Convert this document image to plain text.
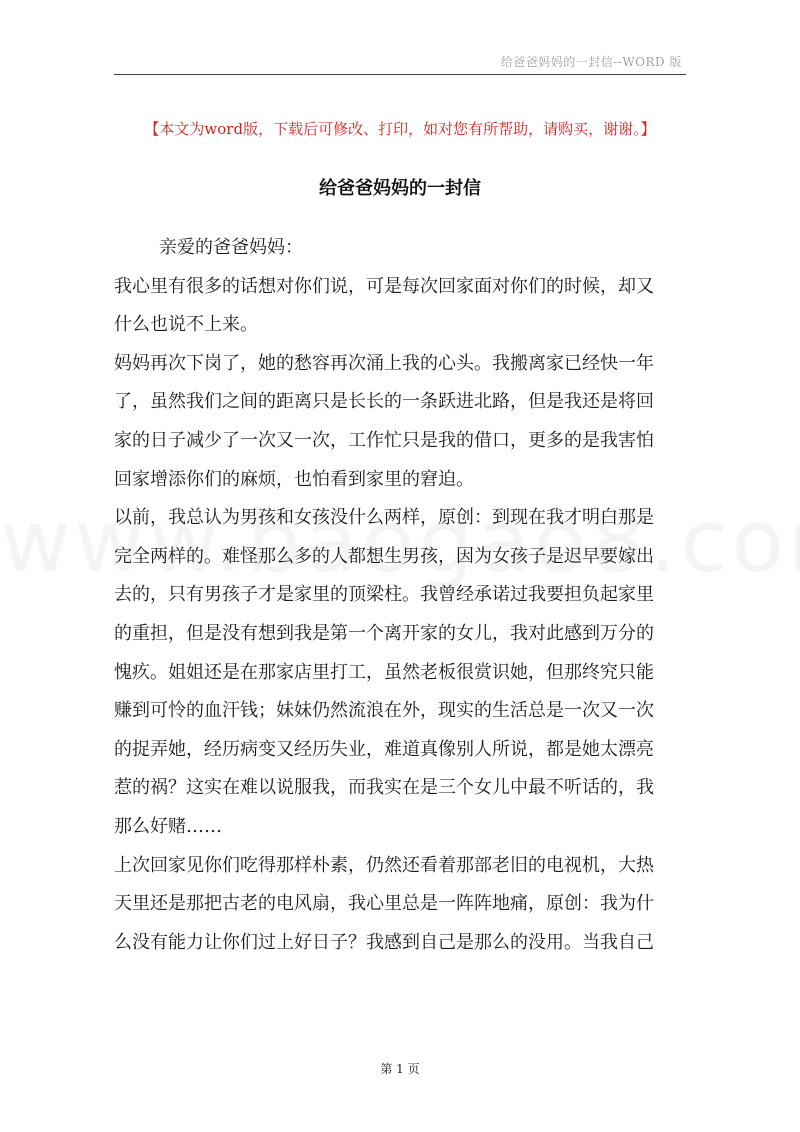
给爸爸妈妈的一封信--WORD 版
【本文为word版，下载后可修改、打印，如对您有所帮助，请购买，谢谢。】
给爸爸妈妈的一封信
亲爱的爸爸妈妈：
我心里有很多的话想对你们说，可是每次回家面对你们的时候，却又
什么也说不上来。
妈妈再次下岗了，她的愁容再次涌上我的心头。我搬离家已经快一年
了，虽然我们之间的距离只是长长的一条跃进北路，但是我还是将回
家的日子减少了一次又一次，工作忙只是我的借口，更多的是我害怕
回家增添你们的麻烦，也怕看到家里的窘迫。
以前，我总认为男孩和女孩没什么两样，原创：到现在我才明白那是
完全两样的。难怪那么多的人都想生男孩，因为女孩子是迟早要嫁出
去的，只有男孩子才是家里的顶梁柱。我曾经承诺过我要担负起家里
的重担，但是没有想到我是第一个离开家的女儿，我对此感到万分的
愧疚。姐姐还是在那家店里打工，虽然老板很赏识她，但那终究只能
赚到可怜的血汗钱；妹妹仍然流浪在外，现实的生活总是一次又一次
的捉弄她，经历病变又经历失业，难道真像别人所说，都是她太漂亮
惹的祸？这实在难以说服我，而我实在是三个女儿中最不听话的，我
那么好赌……
上次回家见你们吃得那样朴素，仍然还看着那部老旧的电视机，大热
天里还是那把古老的电风扇，我心里总是一阵阵地痛，原创：我为什
么没有能力让你们过上好日子？我感到自己是那么的没用。当我自己
第 1 页
